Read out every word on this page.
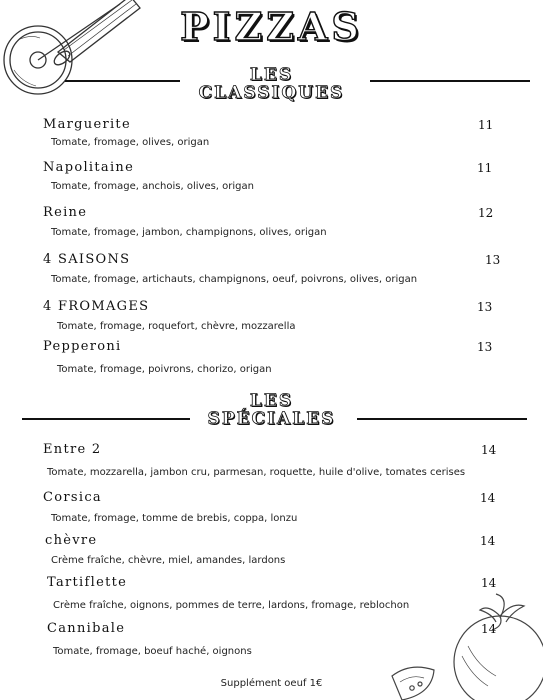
PIZZAS
LES
CLASSIQUES
Marguerite	11
Tomate, fromage, olives, origan
Napolitaine	11
Tomate, fromage, anchois, olives, origan
Reine	12
Tomate, fromage, jambon, champignons, olives, origan
4 SAISONS	13
Tomate, fromage, artichauts, champignons, oeuf, poivrons, olives, origan
4 FROMAGES	13
Tomate, fromage, roquefort, chèvre, mozzarella
Pepperoni	13
Tomate, fromage, poivrons, chorizo, origan
LES
SPÉCIALES
Entre 2	14
Tomate, mozzarella, jambon cru, parmesan, roquette, huile d'olive, tomates cerises
Corsica	14
Tomate, fromage, tomme de brebis, coppa, lonzu
chèvre	14
Crème fraîche, chèvre, miel, amandes, lardons
Tartiflette	14
Crème fraîche, oignons, pommes de terre, lardons, fromage, reblochon
Cannibale	14
Tomate, fromage, boeuf haché, oignons
Supplément oeuf 1€
